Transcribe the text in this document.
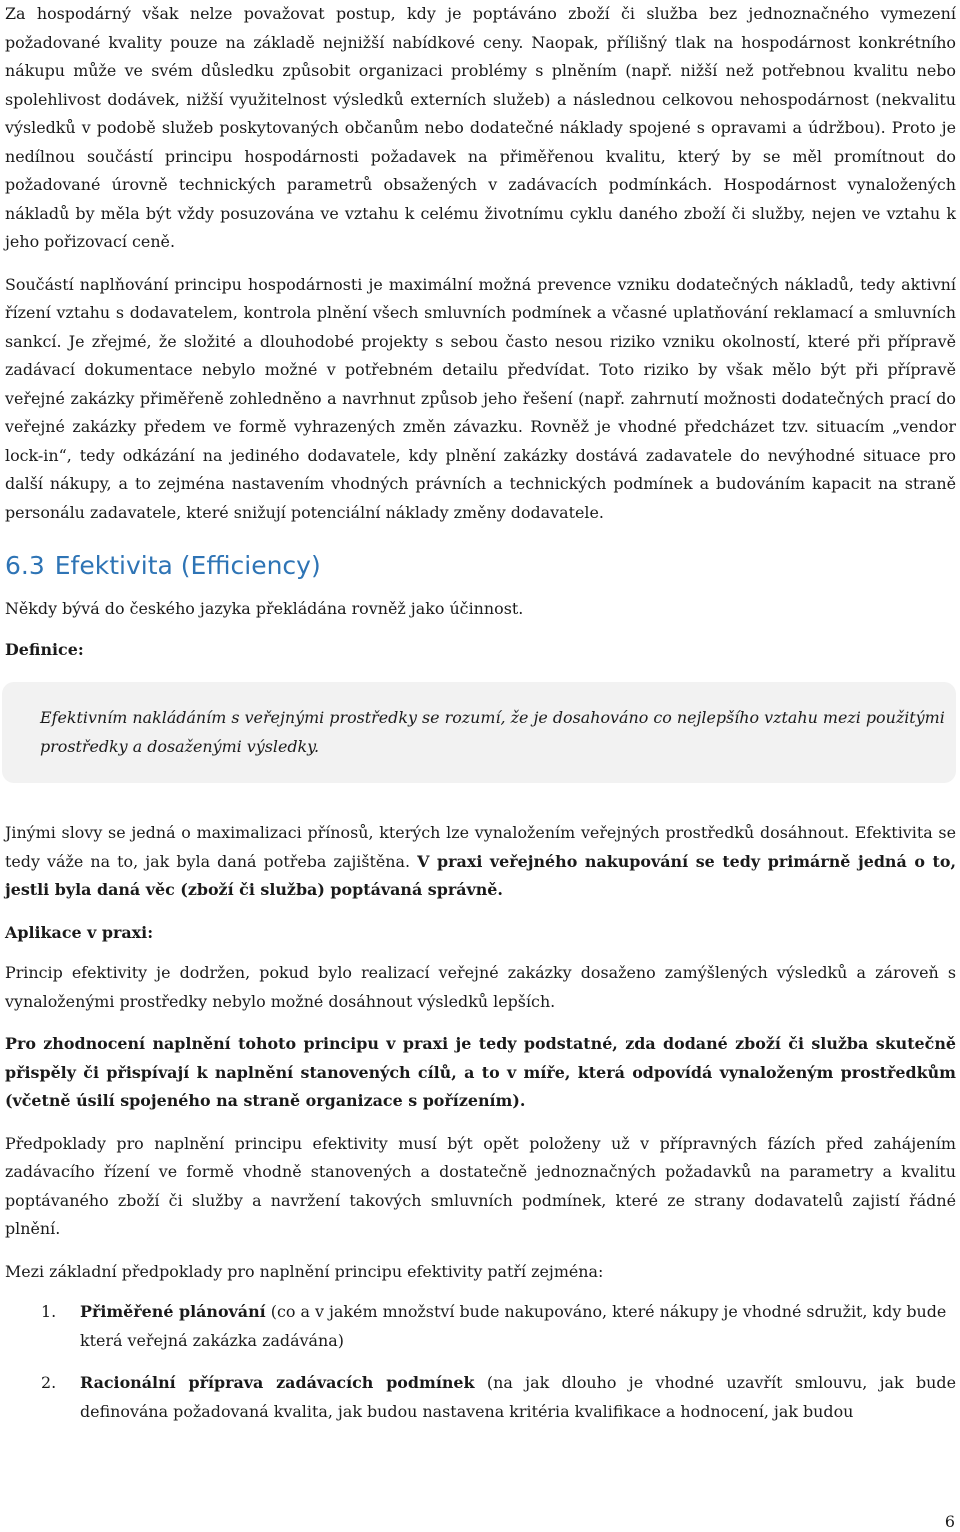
Za hospodárný však nelze považovat postup, kdy je poptáváno zboží či služba bez jednoznačného vymezení požadované kvality pouze na základě nejnižší nabídkové ceny. Naopak, přílišný tlak na hospodárnost konkrétního nákupu může ve svém důsledku způsobit organizaci problémy s plněním (např. nižší než potřebnou kvalitu nebo spolehlivost dodávek, nižší využitelnost výsledků externích služeb) a následnou celkovou nehospodárnost (nekvalitu výsledků v podobě služeb poskytovaných občanům nebo dodatečné náklady spojené s opravami a údržbou). Proto je nedílnou součástí principu hospodárnosti požadavek na přiměřenou kvalitu, který by se měl promítnout do požadované úrovně technických parametrů obsažených v zadávacích podmínkách. Hospodárnost vynaložených nákladů by měla být vždy posuzována ve vztahu k celému životnímu cyklu daného zboží či služby, nejen ve vztahu k jeho pořizovací ceně.

Součástí naplňování principu hospodárnosti je maximální možná prevence vzniku dodatečných nákladů, tedy aktivní řízení vztahu s dodavatelem, kontrola plnění všech smluvních podmínek a včasné uplatňování reklamací a smluvních sankcí. Je zřejmé, že složité a dlouhodobé projekty s sebou často nesou riziko vzniku okolností, které při přípravě zadávací dokumentace nebylo možné v potřebném detailu předvídat. Toto riziko by však mělo být při přípravě veřejné zakázky přiměřeně zohledněno a navrhnut způsob jeho řešení (např. zahrnutí možnosti dodatečných prací do veřejné zakázky předem ve formě vyhrazených změn závazku. Rovněž je vhodné předcházet tzv. situacím „vendor lock-in“, tedy odkázání na jediného dodavatele, kdy plnění zakázky dostává zadavatele do nevýhodné situace pro další nákupy, a to zejména nastavením vhodných právních a technických podmínek a budováním kapacit na straně personálu zadavatele, které snižují potenciální náklady změny dodavatele.

6.3 Efektivita (Efficiency)

Někdy bývá do českého jazyka překládána rovněž jako účinnost.

Definice:

Efektivním nakládáním s veřejnými prostředky se rozumí, že je dosahováno co nejlepšího vztahu mezi použitými prostředky a dosaženými výsledky.

Jinými slovy se jedná o maximalizaci přínosů, kterých lze vynaložením veřejných prostředků dosáhnout. Efektivita se tedy váže na to, jak byla daná potřeba zajištěna. V praxi veřejného nakupování se tedy primárně jedná o to, jestli byla daná věc (zboží či služba) poptávaná správně.

Aplikace v praxi:

Princip efektivity je dodržen, pokud bylo realizací veřejné zakázky dosaženo zamýšlených výsledků a zároveň s vynaloženými prostředky nebylo možné dosáhnout výsledků lepších.

Pro zhodnocení naplnění tohoto principu v praxi je tedy podstatné, zda dodané zboží či služba skutečně přispěly či přispívají k naplnění stanovených cílů, a to v míře, která odpovídá vynaloženým prostředkům (včetně úsilí spojeného na straně organizace s pořízením).

Předpoklady pro naplnění principu efektivity musí být opět položeny už v přípravných fázích před zahájením zadávacího řízení ve formě vhodně stanovených a dostatečně jednoznačných požadavků na parametry a kvalitu poptávaného zboží či služby a navržení takových smluvních podmínek, které ze strany dodavatelů zajistí řádné plnění.

Mezi základní předpoklady pro naplnění principu efektivity patří zejména:

1. Přiměřené plánování (co a v jakém množství bude nakupováno, které nákupy je vhodné sdružit, kdy bude která veřejná zakázka zadávána)

2. Racionální příprava zadávacích podmínek (na jak dlouho je vhodné uzavřít smlouvu, jak bude definována požadovaná kvalita, jak budou nastavena kritéria kvalifikace a hodnocení, jak budou

6
